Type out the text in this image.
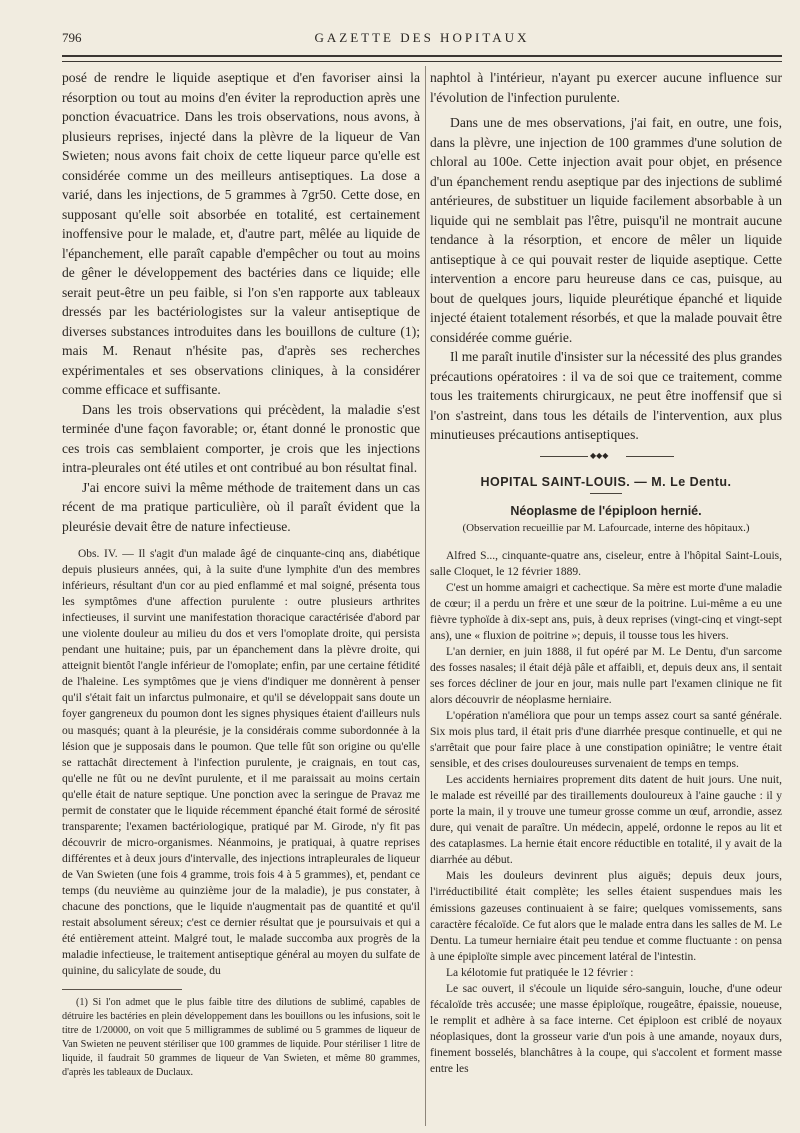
796	GAZETTE DES HOPITAUX

posé de rendre le liquide aseptique et d'en favoriser ainsi la résorption ou tout au moins d'en éviter la reproduction après une ponction évacuatrice. Dans les trois observations, nous avons, à plusieurs reprises, injecté dans la plèvre de la liqueur de Van Swieten; nous avons fait choix de cette liqueur parce qu'elle est considérée comme un des meilleurs antiseptiques. La dose a varié, dans les injections, de 5 grammes à 7gr50. Cette dose, en supposant qu'elle soit absorbée en totalité, est certainement inoffensive pour le malade, et, d'autre part, mêlée au liquide de l'épanchement, elle paraît capable d'empêcher ou tout au moins de gêner le développement des bactéries dans ce liquide; elle serait peut-être un peu faible, si l'on s'en rapporte aux tableaux dressés par les bactériologistes sur la valeur antiseptique de diverses substances introduites dans les bouillons de culture (1); mais M. Renaut n'hésite pas, d'après ses recherches expérimentales et ses observations cliniques, à la considérer comme efficace et suffisante.

Dans les trois observations qui précèdent, la maladie s'est terminée d'une façon favorable; or, étant donné le pronostic que ces trois cas semblaient comporter, je crois que les injections intra-pleurales ont été utiles et ont contribué au bon résultat final.

J'ai encore suivi la même méthode de traitement dans un cas récent de ma pratique particulière, où il paraît évident que la pleurésie devait être de nature infectieuse.

Obs. IV. — Il s'agit d'un malade âgé de cinquante-cinq ans, diabétique depuis plusieurs années, qui, à la suite d'une lymphite d'un des membres inférieurs, résultant d'un cor au pied enflammé et mal soigné, présenta tous les symptômes d'une affection purulente : outre plusieurs arthrites infectieuses, il survint une manifestation thoracique caractérisée d'abord par une violente douleur au milieu du dos et vers l'omoplate droite, qui persista pendant une huitaine; puis, par un épanchement dans la plèvre droite, qui atteignit bientôt l'angle inférieur de l'omoplate; enfin, par une certaine fétidité de l'haleine. Les symptômes que je viens d'indiquer me donnèrent à penser qu'il s'était fait un infarctus pulmonaire, et qu'il se développait sans doute un foyer gangreneux du poumon dont les signes physiques étaient d'ailleurs nuls ou masqués; quant à la pleurésie, je la considérais comme subordonnée à la lésion que je supposais dans le poumon. Que telle fût son origine ou qu'elle se rattachât directement à l'infection purulente, je craignais, en tout cas, qu'elle ne fût ou ne devînt purulente, et il me paraissait au moins certain qu'elle était de nature septique. Une ponction avec la seringue de Pravaz me permit de constater que le liquide récemment épanché était formé de sérosité transparente; l'examen bactériologique, pratiqué par M. Girode, n'y fit pas découvrir de micro-organismes. Néanmoins, je pratiquai, à quatre reprises différentes et à deux jours d'intervalle, des injections intrapleurales de liqueur de Van Swieten (une fois 4 gramme, trois fois 4 à 5 grammes), et, pendant ce temps (du neuvième au quinzième jour de la maladie), je pus constater, à chacune des ponctions, que le liquide n'augmentait pas de quantité et qu'il restait absolument séreux; c'est ce dernier résultat que je poursuivais et qui a été entièrement atteint. Malgré tout, le malade succomba aux progrès de la maladie infectieuse, le traitement antiseptique général au moyen du sulfate de quinine, du salicylate de soude, du

(1) Si l'on admet que le plus faible titre des dilutions de sublimé, capables de détruire les bactéries en plein développement dans les bouillons ou les infusions, soit le titre de 1/20000, on voit que 5 milligrammes de sublimé ou 5 grammes de liqueur de Van Swieten ne peuvent stériliser que 100 grammes de liquide. Pour stériliser 1 litre de liquide, il faudrait 50 grammes de liqueur de Van Swieten, et même 80 grammes, d'après les tableaux de Duclaux.

naphtol à l'intérieur, n'ayant pu exercer aucune influence sur l'évolution de l'infection purulente.

Dans une de mes observations, j'ai fait, en outre, une fois, dans la plèvre, une injection de 100 grammes d'une solution de chloral au 100e. Cette injection avait pour objet, en présence d'un épanchement rendu aseptique par des injections de sublimé antérieures, de substituer un liquide facilement absorbable à un liquide qui ne semblait pas l'être, puisqu'il ne montrait aucune tendance à la résorption, et encore de mêler un liquide antiseptique à ce qui pouvait rester de liquide aseptique. Cette intervention a encore paru heureuse dans ce cas, puisque, au bout de quelques jours, liquide pleurétique épanché et liquide injecté étaient totalement résorbés, et que la malade pouvait être considérée comme guérie.

Il me paraît inutile d'insister sur la nécessité des plus grandes précautions opératoires : il va de soi que ce traitement, comme tous les traitements chirurgicaux, ne peut être inoffensif que si l'on s'astreint, dans tous les détails de l'intervention, aux plus minutieuses précautions antiseptiques.

◆◆◆
HOPITAL SAINT-LOUIS. — M. Le Dentu.
Néoplasme de l'épiploon hernié.
(Observation recueillie par M. Lafourcade, interne des hôpitaux.)

Alfred S..., cinquante-quatre ans, ciseleur, entre à l'hôpital Saint-Louis, salle Cloquet, le 12 février 1889.

C'est un homme amaigri et cachectique. Sa mère est morte d'une maladie de cœur; il a perdu un frère et une sœur de la poitrine. Lui-même a eu une fièvre typhoïde à dix-sept ans, puis, à deux reprises (vingt-cinq et vingt-sept ans), une « fluxion de poitrine »; depuis, il tousse tous les hivers.

L'an dernier, en juin 1888, il fut opéré par M. Le Dentu, d'un sarcome des fosses nasales; il était déjà pâle et affaibli, et, depuis deux ans, il sentait ses forces décliner de jour en jour, mais nulle part l'examen clinique ne fit alors découvrir de néoplasme herniaire.

L'opération n'améliora que pour un temps assez court sa santé générale. Six mois plus tard, il était pris d'une diarrhée presque continuelle, et qui ne s'arrêtait que pour faire place à une constipation opiniâtre; le ventre était sensible, et des crises douloureuses survenaient de temps en temps.

Les accidents herniaires proprement dits datent de huit jours. Une nuit, le malade est réveillé par des tiraillements douloureux à l'aine gauche : il y porte la main, il y trouve une tumeur grosse comme un œuf, arrondie, assez dure, qui venait de paraître. Un médecin, appelé, ordonne le repos au lit et des cataplasmes. La hernie était encore réductible en totalité, il y avait de la diarrhée au début.

Mais les douleurs devinrent plus aiguës; depuis deux jours, l'irréductibilité était complète; les selles étaient suspendues mais les émissions gazeuses continuaient à se faire; quelques vomissements, sans caractère fécaloïde. Ce fut alors que le malade entra dans les salles de M. Le Dentu. La tumeur herniaire était peu tendue et comme fluctuante : on pensa à une épiploïte simple avec pincement latéral de l'intestin.

La kélotomie fut pratiquée le 12 février :

Le sac ouvert, il s'écoule un liquide séro-sanguin, louche, d'une odeur fécaloïde très accusée; une masse épiploïque, rougeâtre, épaissie, noueuse, le remplit et adhère à sa face interne. Cet épiploon est criblé de noyaux néoplasiques, dont la grosseur varie d'un pois à une amande, noyaux durs, finement bosselés, blanchâtres à la coupe, qui s'accolent et forment masse entre les
